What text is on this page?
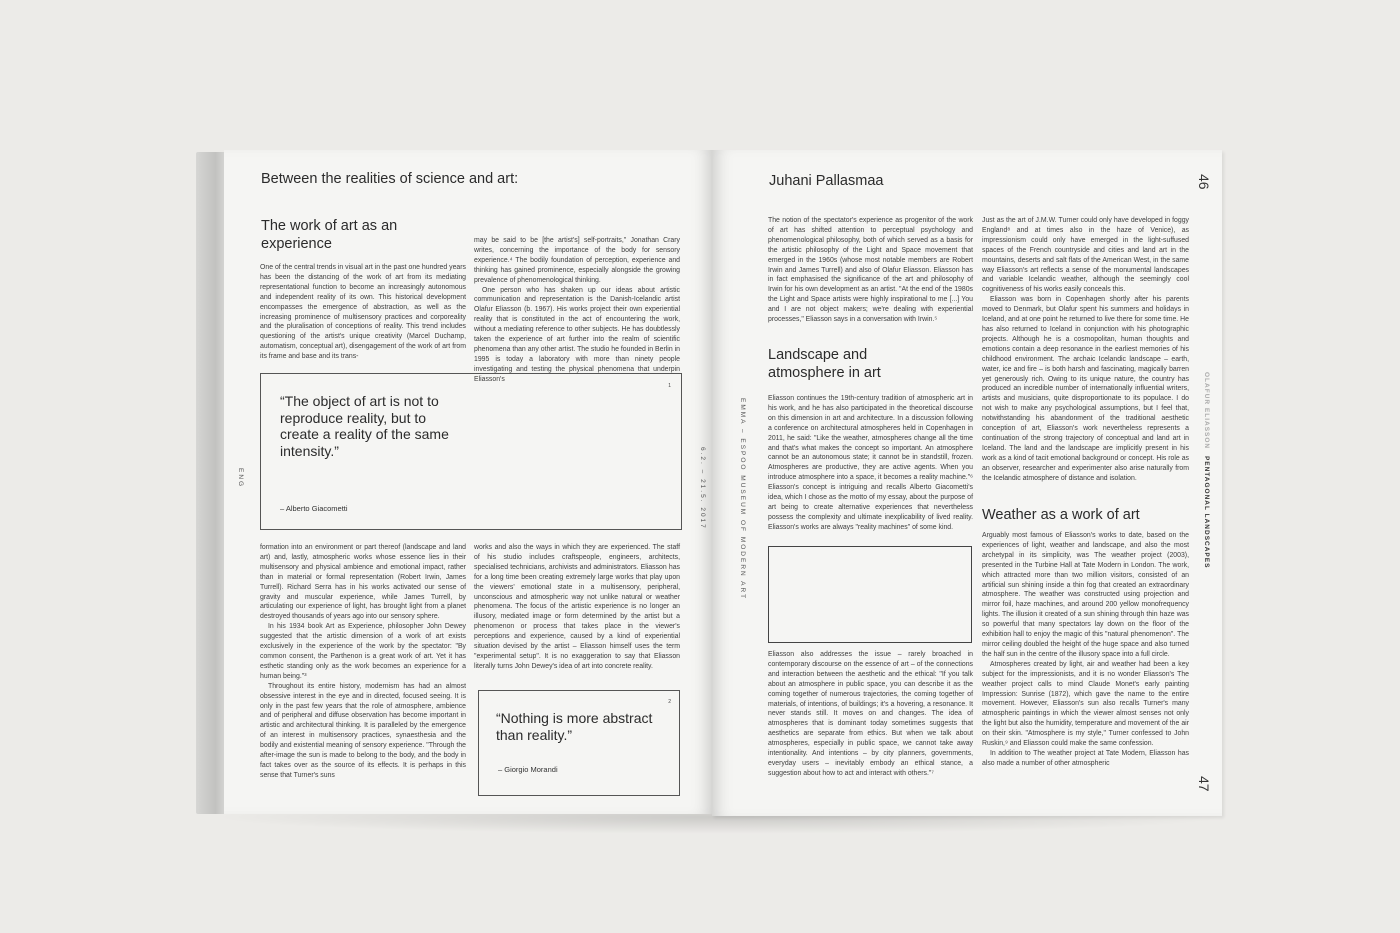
Between the realities of science and art:
The work of art as an experience

One of the central trends in visual art in the past one hundred years has been the distancing of the work of art from its mediating representational function to become an increasingly autonomous and independent reality of its own. This historical development encompasses the emergence of abstraction, as well as the increasing prominence of multisensory practices and corporeality and the pluralisation of conceptions of reality. This trend includes questioning of the artist's unique creativity (Marcel Duchamp, automatism, conceptual art), disengagement of the work of art from its frame and base and its trans-

may be said to be [the artist's] self-portraits," Jonathan Crary writes, concerning the importance of the body for sensory experience.⁴ The bodily foundation of perception, experience and thinking has gained prominence, especially alongside the growing prevalence of phenomenological thinking.

One person who has shaken up our ideas about artistic communication and representation is the Danish-Icelandic artist Olafur Eliasson (b. 1967). His works project their own experiential reality that is constituted in the act of encountering the work, without a mediating reference to other subjects. He has doubtlessly taken the experience of art further into the realm of scientific phenomena than any other artist. The studio he founded in Berlin in 1995 is today a laboratory with more than ninety people investigating and testing the physical phenomena that underpin Eliasson's

1
“The object of art is not to reproduce reality, but to create a reality of the same intensity.”
– Alberto Giacometti

formation into an environment or part thereof (landscape and land art) and, lastly, atmospheric works whose essence lies in their multisensory and physical ambience and emotional impact, rather than in material or formal representation (Robert Irwin, James Turrell). Richard Serra has in his works activated our sense of gravity and muscular experience, while James Turrell, by articulating our experience of light, has brought light from a planet destroyed thousands of years ago into our sensory sphere.

In his 1934 book Art as Experience, philosopher John Dewey suggested that the artistic dimension of a work of art exists exclusively in the experience of the work by the spectator: "By common consent, the Parthenon is a great work of art. Yet it has esthetic standing only as the work becomes an experience for a human being."³

Throughout its entire history, modernism has had an almost obsessive interest in the eye and in directed, focused seeing. It is only in the past few years that the role of atmosphere, ambience and of peripheral and diffuse observation has become important in artistic and architectural thinking. It is paralleled by the emergence of an interest in multisensory practices, synaesthesia and the bodily and existential meaning of sensory experience. "Through the after-image the sun is made to belong to the body, and the body in fact takes over as the source of its effects. It is perhaps in this sense that Turner's suns

works and also the ways in which they are experienced. The staff of his studio includes craftspeople, engineers, architects, specialised technicians, archivists and administrators. Eliasson has for a long time been creating extremely large works that play upon the viewers' emotional state in a multisensory, peripheral, unconscious and atmospheric way not unlike natural or weather phenomena. The focus of the artistic experience is no longer an illusory, mediated image or form determined by the artist but a phenomenon or process that takes place in the viewer's perceptions and experience, caused by a kind of experiential situation devised by the artist – Eliasson himself uses the term "experimental setup". It is no exaggeration to say that Eliasson literally turns John Dewey's idea of art into concrete reality.

2
“Nothing is more abstract than reality.”
– Giorgio Morandi
ENG	6.2. – 21.5. 2017	EMMA – ESPOO MUSEUM OF MODERN ART
Juhani Pallasmaa	46

The notion of the spectator's experience as progenitor of the work of art has shifted attention to perceptual psychology and phenomenological philosophy, both of which served as a basis for the artistic philosophy of the Light and Space movement that emerged in the 1960s (whose most notable members are Robert Irwin and James Turrell) and also of Olafur Eliasson. Eliasson has in fact emphasised the significance of the art and philosophy of Irwin for his own development as an artist. "At the end of the 1980s the Light and Space artists were highly inspirational to me [...] You and I are not object makers; we're dealing with experiential processes," Eliasson says in a conversation with Irwin.⁵

Landscape and atmosphere in art

Eliasson continues the 19th-century tradition of atmospheric art in his work, and he has also participated in the theoretical discourse on this dimension in art and architecture. In a discussion following a conference on architectural atmospheres held in Copenhagen in 2011, he said: "Like the weather, atmospheres change all the time and that's what makes the concept so important. An atmosphere cannot be an autonomous state; it cannot be in standstill, frozen. Atmospheres are productive, they are active agents. When you introduce atmosphere into a space, it becomes a reality machine."⁶ Eliasson's concept is intriguing and recalls Alberto Giacometti's idea, which I chose as the motto of my essay, about the purpose of art being to create alternative experiences that nevertheless possess the complexity and ultimate inexplicability of lived reality. Eliasson's works are always "reality machines" of some kind.

Eliasson also addresses the issue – rarely broached in contemporary discourse on the essence of art – of the connections and interaction between the aesthetic and the ethical: "If you talk about an atmosphere in public space, you can describe it as the coming together of numerous trajectories, the coming together of materials, of intentions, of buildings; it's a hovering, a resonance. It never stands still. It moves on and changes. The idea of atmospheres that is dominant today sometimes suggests that aesthetics are separate from ethics. But when we talk about atmospheres, especially in public space, we cannot take away intentionality. And intentions – by city planners, governments, everyday users – inevitably embody an ethical stance, a suggestion about how to act and interact with others."⁷

Just as the art of J.M.W. Turner could only have developed in foggy England⁸ and at times also in the haze of Venice), as impressionism could only have emerged in the light-suffused spaces of the French countryside and cities and land art in the mountains, deserts and salt flats of the American West, in the same way Eliasson's art reflects a sense of the monumental landscapes and variable Icelandic weather, although the seemingly cool cognitiveness of his works easily conceals this.

Eliasson was born in Copenhagen shortly after his parents moved to Denmark, but Olafur spent his summers and holidays in Iceland, and at one point he returned to live there for some time. He has also returned to Iceland in conjunction with his photographic projects. Although he is a cosmopolitan, human thoughts and emotions contain a deep resonance in the earliest memories of his childhood environment. The archaic Icelandic landscape – earth, water, ice and fire – is both harsh and fascinating, magically barren yet generously rich. Owing to its unique nature, the country has produced an incredible number of internationally influential writers, artists and musicians, quite disproportionate to its populace. I do not wish to make any psychological assumptions, but I feel that, notwithstanding his abandonment of the traditional aesthetic conception of art, Eliasson's work nevertheless represents a continuation of the strong trajectory of conceptual and land art in Iceland. The land and the landscape are implicitly present in his work as a kind of tacit emotional background or concept. His role as an observer, researcher and experimenter also arise naturally from the Icelandic atmosphere of distance and isolation.

Weather as a work of art

Arguably most famous of Eliasson's works to date, based on the experiences of light, weather and landscape, and also the most archetypal in its simplicity, was The weather project (2003), presented in the Turbine Hall at Tate Modern in London. The work, which attracted more than two million visitors, consisted of an artificial sun shining inside a thin fog that created an extraordinary atmosphere. The weather was constructed using projection and mirror foil, haze machines, and around 200 yellow monofrequency lights. The illusion it created of a sun shining through thin haze was so powerful that many spectators lay down on the floor of the exhibition hall to enjoy the magic of this "natural phenomenon". The mirror ceiling doubled the height of the huge space and also turned the half sun in the centre of the illusory space into a full circle.

Atmospheres created by light, air and weather had been a key subject for the impressionists, and it is no wonder Eliasson's The weather project calls to mind Claude Monet's early painting Impression: Sunrise (1872), which gave the name to the entire movement. However, Eliasson's sun also recalls Turner's many atmospheric paintings in which the viewer almost senses not only the light but also the humidity, temperature and movement of the air on their skin. "Atmosphere is my style," Turner confessed to John Ruskin,⁹ and Eliasson could make the same confession.

In addition to The weather project at Tate Modern, Eliasson has also made a number of other atmospheric

OLAFUR ELIASSON PENTAGONAL LANDSCAPES
47
